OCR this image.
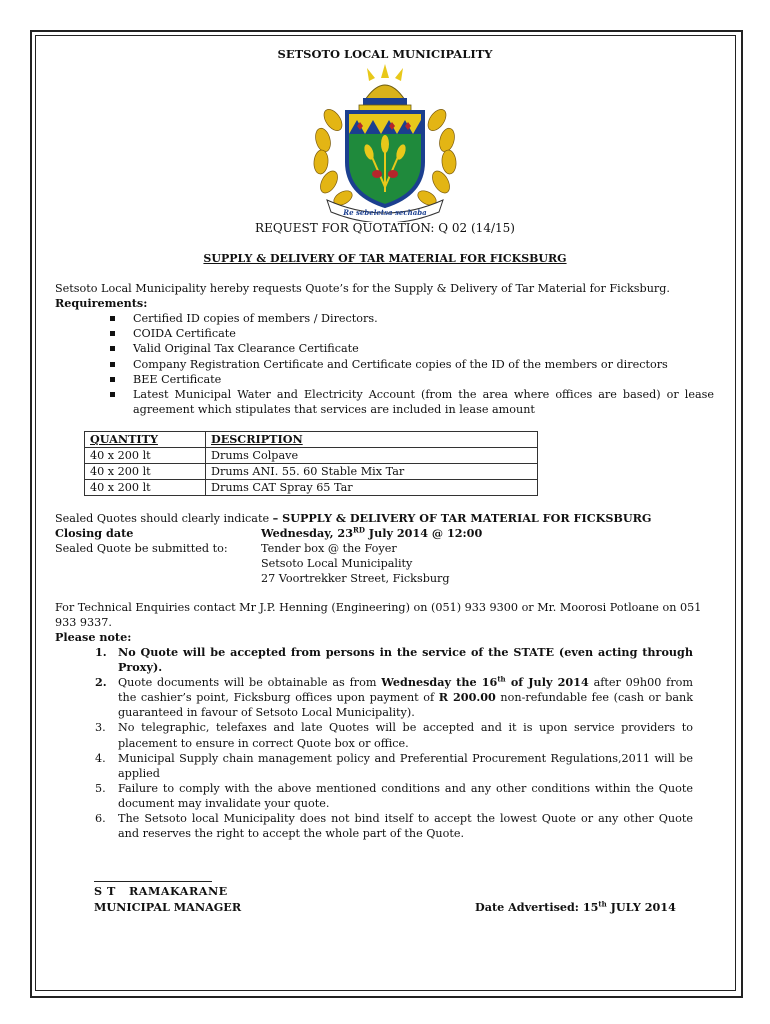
SETSOTO LOCAL MUNICIPALITY
Re sebeletsa sechaba
REQUEST FOR QUOTATION: Q 02 (14/15)
SUPPLY & DELIVERY OF TAR MATERIAL FOR FICKSBURG
Setsoto Local Municipality hereby requests Quote’s for the Supply & Delivery of Tar Material for Ficksburg.
Requirements:
Certified ID copies of members / Directors.
COIDA Certificate
Valid Original Tax Clearance Certificate
Company Registration Certificate and Certificate copies of the ID of the members or directors
BEE Certificate
Latest Municipal Water and Electricity Account (from the area where offices are based) or lease agreement which stipulates that services are included in lease amount
QUANTITY	DESCRIPTION
40 x 200 lt	Drums Colpave
40 x 200 lt	Drums ANI. 55. 60 Stable Mix Tar
40 x 200 lt	Drums CAT Spray 65 Tar
Sealed Quotes should clearly indicate – SUPPLY & DELIVERY OF TAR MATERIAL FOR FICKSBURG
Closing date	Wednesday, 23RD July 2014 @ 12:00
Sealed Quote be submitted to:	Tender box @ the Foyer
Setsoto Local Municipality
27 Voortrekker Street, Ficksburg
For Technical Enquiries contact Mr J.P. Henning (Engineering) on (051) 933 9300 or Mr. Moorosi Potloane on 051 933 9337.
Please note:
1. No Quote will be accepted from persons in the service of the STATE (even acting through Proxy).
2. Quote documents will be obtainable as from Wednesday the 16th of July 2014 after 09h00 from the cashier’s point, Ficksburg offices upon payment of R 200.00 non-refundable fee (cash or bank guaranteed in favour of Setsoto Local Municipality).
3. No telegraphic, telefaxes and late Quotes will be accepted and it is upon service providers to placement to ensure in correct Quote box or office.
4. Municipal Supply chain management policy and Preferential Procurement Regulations,2011 will be applied
5. Failure to comply with the above mentioned conditions and any other conditions within the Quote document may invalidate your quote.
6. The Setsoto local Municipality does not bind itself to accept the lowest Quote or any other Quote and reserves the right to accept the whole part of the Quote.
S T   RAMAKARANE
MUNICIPAL MANAGER	Date Advertised: 15th JULY 2014
